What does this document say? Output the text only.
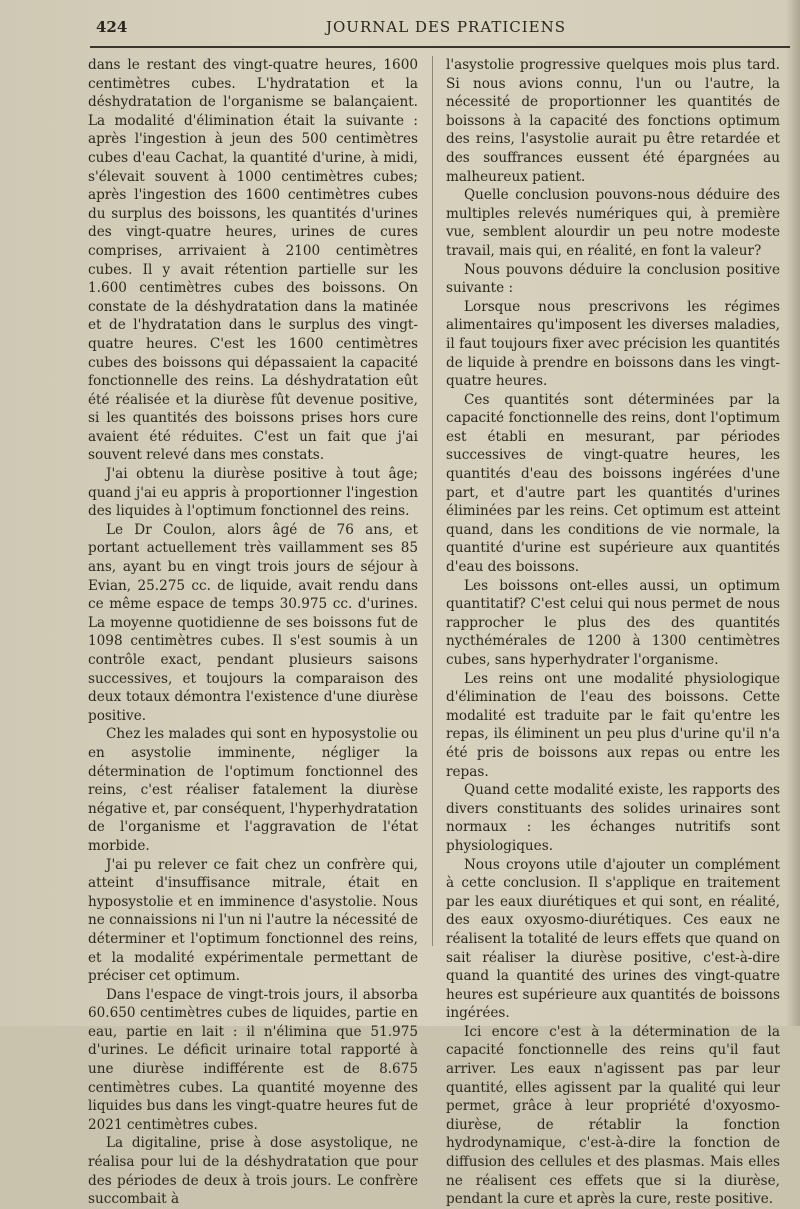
424	JOURNAL DES PRATICIENS

dans le restant des vingt-quatre heures, 1600 centimètres cubes. L'hydratation et la déshydratation de l'organisme se balançaient. La modalité d'élimination était la suivante : après l'ingestion à jeun des 500 centimètres cubes d'eau Cachat, la quantité d'urine, à midi, s'élevait souvent à 1000 centimètres cubes; après l'ingestion des 1600 centimètres cubes du surplus des boissons, les quantités d'urines des vingt-quatre heures, urines de cures comprises, arrivaient à 2100 centimètres cubes. Il y avait rétention partielle sur les 1.600 centimètres cubes des boissons. On constate de la déshydratation dans la matinée et de l'hydratation dans le surplus des vingt-quatre heures. C'est les 1600 centimètres cubes des boissons qui dépassaient la capacité fonctionnelle des reins. La déshydratation eût été réalisée et la diurèse fût devenue positive, si les quantités des boissons prises hors cure avaient été réduites. C'est un fait que j'ai souvent relevé dans mes constats.

J'ai obtenu la diurèse positive à tout âge; quand j'ai eu appris à proportionner l'ingestion des liquides à l'optimum fonctionnel des reins.

Le Dr Coulon, alors âgé de 76 ans, et portant actuellement très vaillamment ses 85 ans, ayant bu en vingt trois jours de séjour à Evian, 25.275 cc. de liquide, avait rendu dans ce même espace de temps 30.975 cc. d'urines. La moyenne quotidienne de ses boissons fut de 1098 centimètres cubes. Il s'est soumis à un contrôle exact, pendant plusieurs saisons successives, et toujours la comparaison des deux totaux démontra l'existence d'une diurèse positive.

Chez les malades qui sont en hyposystolie ou en asystolie imminente, négliger la détermination de l'optimum fonctionnel des reins, c'est réaliser fatalement la diurèse négative et, par conséquent, l'hyperhydratation de l'organisme et l'aggravation de l'état morbide.

J'ai pu relever ce fait chez un confrère qui, atteint d'insuffisance mitrale, était en hyposystolie et en imminence d'asystolie. Nous ne connaissions ni l'un ni l'autre la nécessité de déterminer et l'optimum fonctionnel des reins, et la modalité expérimentale permettant de préciser cet optimum.

Dans l'espace de vingt-trois jours, il absorba 60.650 centimètres cubes de liquides, partie en eau, partie en lait : il n'élimina que 51.975 d'urines. Le déficit urinaire total rapporté à une diurèse indifférente est de 8.675 centimètres cubes. La quantité moyenne des liquides bus dans les vingt-quatre heures fut de 2021 centimètres cubes.

La digitaline, prise à dose asystolique, ne réalisa pour lui de la déshydratation que pour des périodes de deux à trois jours. Le confrère succombait à

l'asystolie progressive quelques mois plus tard. Si nous avions connu, l'un ou l'autre, la nécessité de proportionner les quantités de boissons à la capacité des fonctions optimum des reins, l'asystolie aurait pu être retardée et des souffrances eussent été épargnées au malheureux patient.

Quelle conclusion pouvons-nous déduire des multiples relevés numériques qui, à première vue, semblent alourdir un peu notre modeste travail, mais qui, en réalité, en font la valeur?

Nous pouvons déduire la conclusion positive suivante :

Lorsque nous prescrivons les régimes alimentaires qu'imposent les diverses maladies, il faut toujours fixer avec précision les quantités de liquide à prendre en boissons dans les vingt-quatre heures.

Ces quantités sont déterminées par la capacité fonctionnelle des reins, dont l'optimum est établi en mesurant, par périodes successives de vingt-quatre heures, les quantités d'eau des boissons ingérées d'une part, et d'autre part les quantités d'urines éliminées par les reins. Cet optimum est atteint quand, dans les conditions de vie normale, la quantité d'urine est supérieure aux quantités d'eau des boissons.

Les boissons ont-elles aussi, un optimum quantitatif? C'est celui qui nous permet de nous rapprocher le plus des des quantités nycthémérales de 1200 à 1300 centimètres cubes, sans hyperhydrater l'organisme.

Les reins ont une modalité physiologique d'élimination de l'eau des boissons. Cette modalité est traduite par le fait qu'entre les repas, ils éliminent un peu plus d'urine qu'il n'a été pris de boissons aux repas ou entre les repas.

Quand cette modalité existe, les rapports des divers constituants des solides urinaires sont normaux : les échanges nutritifs sont physiologiques.

Nous croyons utile d'ajouter un complément à cette conclusion. Il s'applique en traitement par les eaux diurétiques et qui sont, en réalité, des eaux oxyosmo-diurétiques. Ces eaux ne réalisent la totalité de leurs effets que quand on sait réaliser la diurèse positive, c'est-à-dire quand la quantité des urines des vingt-quatre heures est supérieure aux quantités de boissons ingérées.

Ici encore c'est à la détermination de la capacité fonctionnelle des reins qu'il faut arriver. Les eaux n'agissent pas par leur quantité, elles agissent par la qualité qui leur permet, grâce à leur propriété d'oxyosmo-diurèse, de rétablir la fonction hydrodynamique, c'est-à-dire la fonction de diffusion des cellules et des plasmas. Mais elles ne réalisent ces effets que si la diurèse, pendant la cure et après la cure, reste positive.
